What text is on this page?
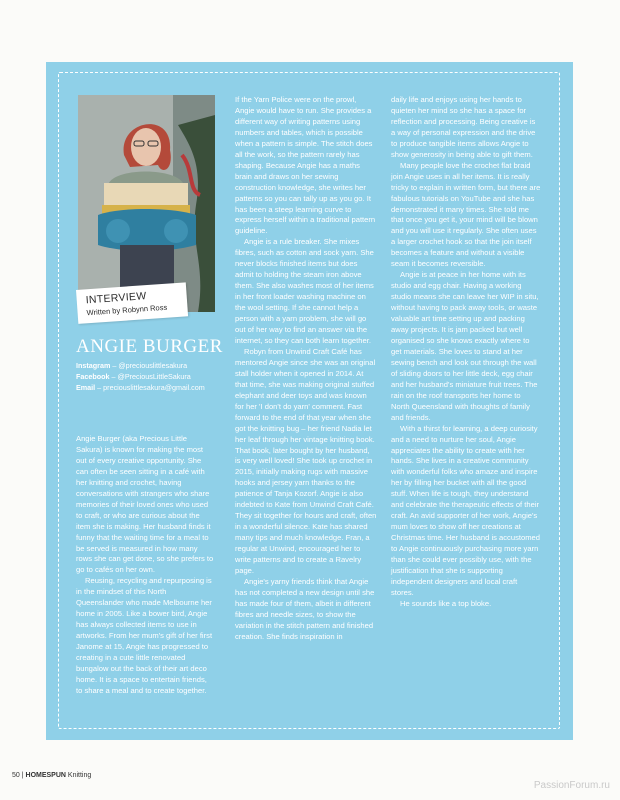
INTERVIEW
Written by Robynn Ross
ANGIE BURGER
Instagram – @preciouslittlesakura
Facebook – @PreciousLittleSakura
Email – preciouslittlesakura@gmail.com

Angie Burger (aka Precious Little Sakura) is known for making the most out of every creative opportunity. She can often be seen sitting in a café with her knitting and crochet, having conversations with strangers who share memories of their loved ones who used to craft, or who are curious about the item she is making. Her husband finds it funny that the waiting time for a meal to be served is measured in how many rows she can get done, so she prefers to go to cafés on her own.

Reusing, recycling and repurposing is in the mindset of this North Queenslander who made Melbourne her home in 2005. Like a bower bird, Angie has always collected items to use in artworks. From her mum's gift of her first Janome at 15, Angie has progressed to creating in a cute little renovated bungalow out the back of their art deco home. It is a space to entertain friends, to share a meal and to create together.

If the Yarn Police were on the prowl, Angie would have to run. She provides a different way of writing patterns using numbers and tables, which is possible when a pattern is simple. The stitch does all the work, so the pattern rarely has shaping. Because Angie has a maths brain and draws on her sewing construction knowledge, she writes her patterns so you can tally up as you go. It has been a steep learning curve to express herself within a traditional pattern guideline.

Angie is a rule breaker. She mixes fibres, such as cotton and sock yarn. She never blocks finished items but does admit to holding the steam iron above them. She also washes most of her items in her front loader washing machine on the wool setting. If she cannot help a person with a yarn problem, she will go out of her way to find an answer via the internet, so they can both learn together.

Robyn from Unwind Craft Café has mentored Angie since she was an original stall holder when it opened in 2014. At that time, she was making original stuffed elephant and deer toys and was known for her 'I don't do yarn' comment. Fast forward to the end of that year when she got the knitting bug – her friend Nadia let her leaf through her vintage knitting book. That book, later bought by her husband, is very well loved! She took up crochet in 2015, initially making rugs with massive hooks and jersey yarn thanks to the patience of Tanja Kozorf. Angie is also indebted to Kate from Unwind Craft Café. They sit together for hours and craft, often in a wonderful silence. Kate has shared many tips and much knowledge. Fran, a regular at Unwind, encouraged her to write patterns and to create a Ravelry page.

Angie's yarny friends think that Angie has not completed a new design until she has made four of them, albeit in different fibres and needle sizes, to show the variation in the stitch pattern and finished creation. She finds inspiration in

daily life and enjoys using her hands to quieten her mind so she has a space for reflection and processing. Being creative is a way of personal expression and the drive to produce tangible items allows Angie to show generosity in being able to gift them.

Many people love the crochet flat braid join Angie uses in all her items. It is really tricky to explain in written form, but there are fabulous tutorials on YouTube and she has demonstrated it many times. She told me that once you get it, your mind will be blown and you will use it regularly. She often uses a larger crochet hook so that the join itself becomes a feature and without a visible seam it becomes reversible.

Angie is at peace in her home with its studio and egg chair. Having a working studio means she can leave her WIP in situ, without having to pack away tools, or waste valuable art time setting up and packing away projects. It is jam packed but well organised so she knows exactly where to get materials. She loves to stand at her sewing bench and look out through the wall of sliding doors to her little deck, egg chair and her husband's miniature fruit trees. The rain on the roof transports her home to North Queensland with thoughts of family and friends.

With a thirst for learning, a deep curiosity and a need to nurture her soul, Angie appreciates the ability to create with her hands. She lives in a creative community with wonderful folks who amaze and inspire her by filling her bucket with all the good stuff. When life is tough, they understand and celebrate the therapeutic effects of their craft. An avid supporter of her work, Angie's mum loves to show off her creations at Christmas time. Her husband is accustomed to Angie continuously purchasing more yarn than she could ever possibly use, with the justification that she is supporting independent designers and local craft stores.

He sounds like a top bloke.

50 | HOMESPUN Knitting
PassionForum.ru
